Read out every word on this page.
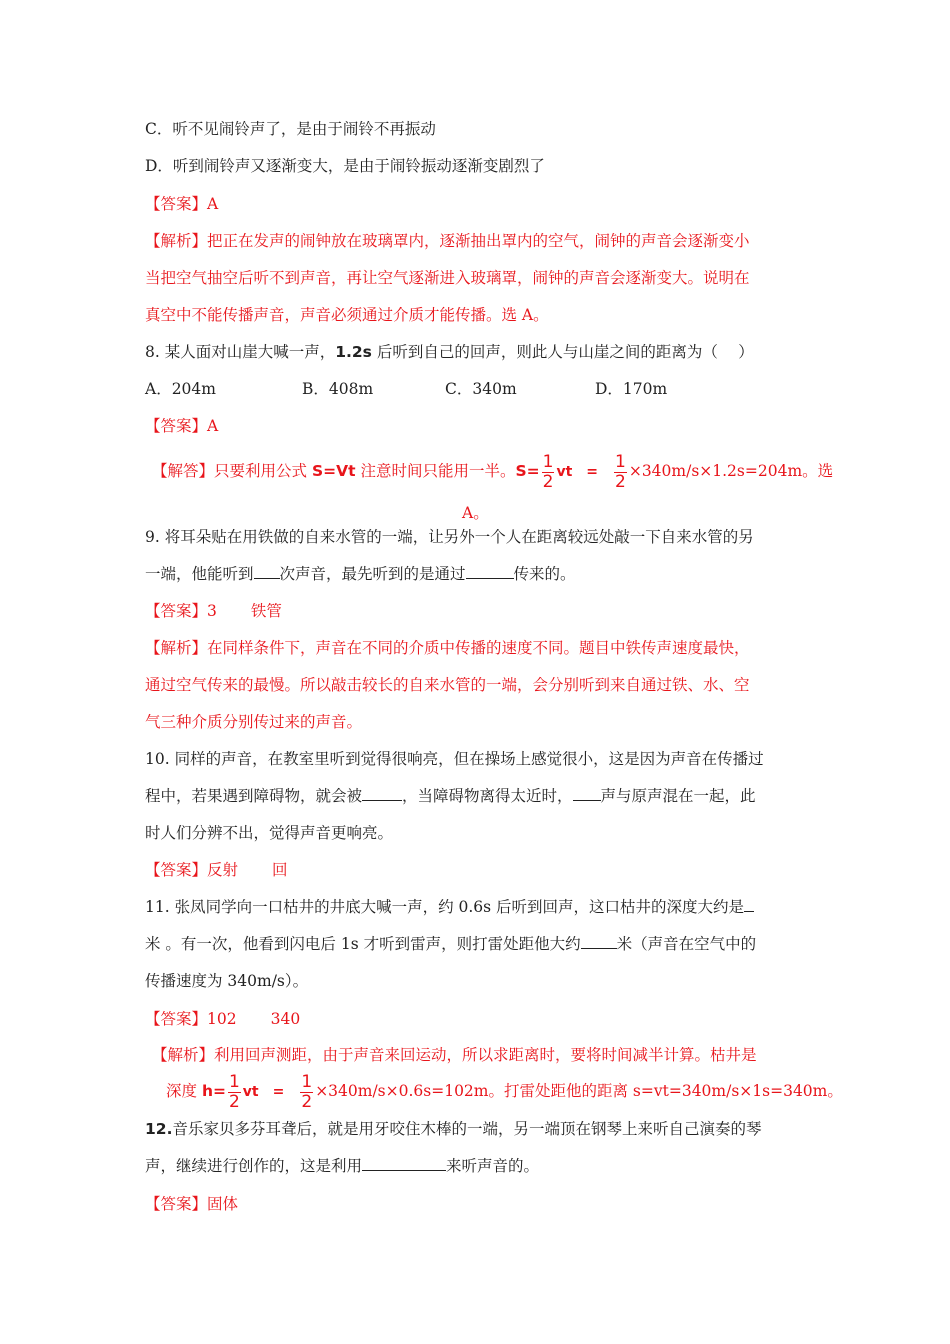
C．听不见闹铃声了，是由于闹铃不再振动
D．听到闹铃声又逐渐变大，是由于闹铃振动逐渐变剧烈了
【答案】A
【解析】把正在发声的闹钟放在玻璃罩内，逐渐抽出罩内的空气，闹钟的声音会逐渐变小
当把空气抽空后听不到声音，再让空气逐渐进入玻璃罩，闹钟的声音会逐渐变大。说明在
真空中不能传播声音，声音必须通过介质才能传播。选 A。
8. 某人面对山崖大喊一声，1.2s 后听到自己的回声，则此人与山崖之间的距离为（　 ）
A．204m	B．408m	C．340m	D．170m
【答案】A
【解答】只要利用公式 S=Vt 注意时间只能用一半。$S= \frac{1}{2}$ vt　=　 $\frac{1}{2} \times 340m/s\times 1.2s=204m$。选
A。
9. 将耳朵贴在用铁做的自来水管的一端，让另外一个人在距离较远处敲一下自来水管的另
一端，他能听到 次声音，最先听到的是通过	传来的。
【答案】3 铁管
【解析】在同样条件下，声音在不同的介质中传播的速度不同。题目中铁传声速度最快，
通过空气传来的最慢。所以敲击较长的自来水管的一端，会分别听到来自通过铁、水、空
气三种介质分别传过来的声音。
10. 同样的声音，在教室里听到觉得很响亮，但在操场上感觉很小，这是因为声音在传播过
程中，若果遇到障碍物，就会被	，当障碍物离得太近时， 声与原声混在一起，此
时人们分辨不出，觉得声音更响亮。
【答案】反射 回
11. 张凤同学向一口枯井的井底大喊一声，约 0.6s 后听到回声，这口枯井的深度大约是
米 。有一次，他看到闪电后 1s 才听到雷声，则打雷处距他大约 米（声音在空气中的
传播速度为 340m/s）。
【答案】102 340
【解析】利用回声测距，由于声音来回运动，所以求距离时，要将时间减半计算。枯井是
深度 $h= \frac{1}{2}$ vt　=　 $\frac{1}{2} \times 340m/s\times 0.6s=102m$。打雷处距他的距离 s=vt=340m/s×1s=340m。
12.音乐家贝多芬耳聋后，就是用牙咬住木棒的一端，另一端顶在钢琴上来听自己演奏的琴
声，继续进行创作的，这是利用	来听声音的。
【答案】固体
